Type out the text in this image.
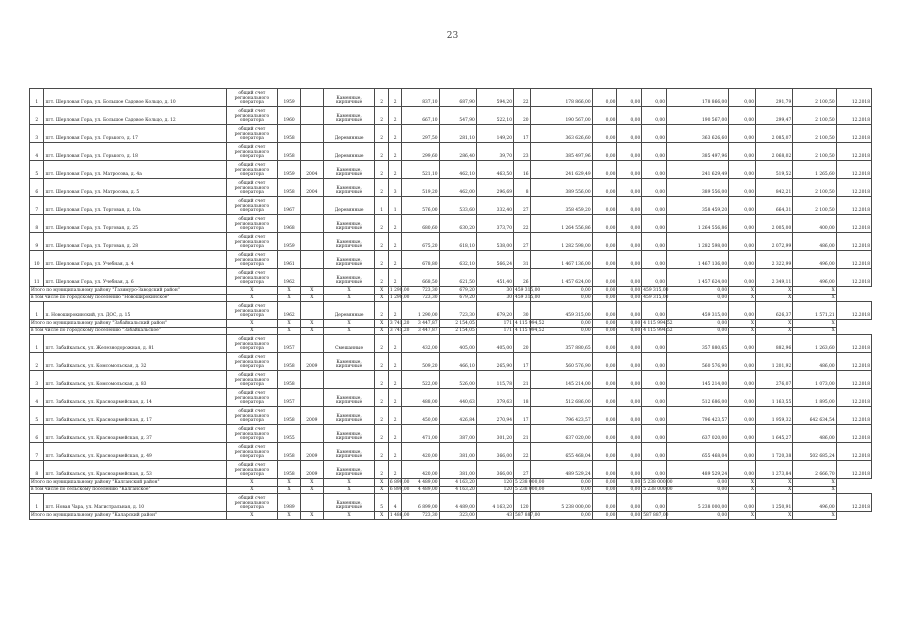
23
1	пгт. Шерловая Гора, ул. Большое Садовое Кольцо, д. 10	общий счет регионального оператора	1959		Каменные, кирпичные	2	2	837,10	687,90	594,20	22	178 866,00	0,00	0,00	0,00	178 866,00	0,00	291,79	2 100,50	12.2018
2	пгт. Шерловая Гора, ул. Большое Садовое Кольцо, д. 12	общий счет регионального оператора	1960		Каменные, кирпичные	2	2	667,10	547,90	522,10	20	190 567,00	0,00	0,00	0,00	190 567,00	0,00	299,47	2 100,50	12.2018
3	пгт. Шерловая Гора, ул. Горького, д. 17	общий счет регионального оператора	1958		Деревянные	2	2	297,50	281,10	149,20	17	363 626,60	0,00	0,00	0,00	363 626,60	0,00	2 085,07	2 100,50	12.2018
4	пгт. Шерловая Гора, ул. Горького, д. 18	общий счет регионального оператора	1958		Деревянные	2	2	299,60	286,40	39,70	23	385 497,96	0,00	0,00	0,00	385 497,96	0,00	2 068,02	2 100,50	12.2018
5	пгт. Шерловая Гора, ул. Матросова, д. 4а	общий счет регионального оператора	1959	2004	Каменные, кирпичные	2	2	521,10	462,10	463,50	16	241 629,49	0,00	0,00	0,00	241 629,49	0,00	519,52	1 265,60	12.2018
6	пгт. Шерловая Гора, ул. Матросова, д. 5	общий счет регионального оператора	1958	2004	Каменные, кирпичные	2	3	519,20	462,00	296,69	8	389 556,00	0,00	0,00	0,00	389 556,00	0,00	842,21	2 100,50	12.2018
7	пгт. Шерловая Гора, ул. Торговая, д. 10а	общий счет регионального оператора	1967		Деревянные	1	1	576,00	533,60	332,40	27	358 459,20	0,00	0,00	0,00	358 459,20	0,00	664,31	2 100,50	12.2018
8	пгт. Шерловая Гора, ул. Торговая, д. 25	общий счет регионального оператора	1968		Каменные, кирпичные	2	2	680,60	630,20	373,70	22	1 264 556,86	0,00	0,00	0,00	1 264 556,86	0,00	2 005,00	400,00	12.2018
9	пгт. Шерловая Гора, ул. Торговая, д. 28	общий счет регионального оператора	1959		Каменные, кирпичные	2	2	675,20	618,10	538,00	27	1 282 598,00	0,00	0,00	0,00	1 282 598,00	0,00	2 072,99	486,00	12.2018
10	пгт. Шерловая Гора, ул. Учебная, д. 4	общий счет регионального оператора	1961		Каменные, кирпичные	2	2	678,80	632,10	566,24	31	1 467 136,00	0,00	0,00	0,00	1 467 136,00	0,00	2 322,99	496,00	12.2018
11	пгт. Шерловая Гора, ул. Учебная, д. 6	общий счет регионального оператора	1962		Каменные, кирпичные	2	2	668,50	621,50	451,40	26	1 457 624,00	0,00	0,00	0,00	1 457 624,00	0,00	2 349,11	496,00	12.2018
Итого по муниципальному району "Газимуро-Заводский район"		X	X	X	X	X	1 290,00	723,30	679,20	30	459 315,00	0,00	0,00	0,00	459 315,00	0,00	X	X	X	
в том числе по городскому поселению "Новоширокинское"		X	X	X	X	X	1 290,00	723,30	679,20	30	459 315,00	0,00	0,00	0,00	459 315,00	0,00	X	X	X	
1	п. Новоширокинский, ул. ДОС, д. 15	общий счет регионального оператора	1962		Деревянные	2	2	1 290,00	723,30	679,20	30	459 315,00	0,00	0,00	0,00	459 315,00	0,00	626,37	1 571,21	12.2018
Итого по муниципальному району "Забайкальский район"		X	X	X	X	X	3 741,20	3 447,87	2 154,05	171	4 115 994,52	0,00	0,00	0,00	4 115 994,52	0,00	X	X	X	
в том числе по городскому поселению "Забайкальское"		X	X	X	X	X	3 741,20	3 447,87	2 154,05	171	4 115 994,52	0,00	0,00	0,00	4 115 994,52	0,00	X	X	X	
1	пгт. Забайкальск, ул. Железнодорожная, д. 81	общий счет регионального оператора	1957		Смешанные	2	2	432,00	405,00	405,00	20	357 880,65	0,00	0,00	0,00	357 880,65	0,00	882,96	1 263,60	12.2018
2	пгт. Забайкальск, ул. Комсомольская, д. 32	общий счет регионального оператора	1958	2009	Каменные, кирпичные	2	2	509,20	466,10	265,90	17	560 576,90	0,00	0,00	0,00	560 576,90	0,00	1 201,92	486,00	12.2018
3	пгт. Забайкальск, ул. Комсомольская, д. 83	общий счет регионального оператора	1958			2	2	522,00	526,00	115,78	21	145 214,00	0,00	0,00	0,00	145 214,00	0,00	276,07	1 073,00	12.2018
4	пгт. Забайкальск, ул. Красноармейская, д. 14	общий счет регионального оператора	1957		Каменные, кирпичные	2	2	488,00	440,63	379,63	18	512 686,00	0,00	0,00	0,00	512 686,00	0,00	1 163,55	1 895,00	12.2018
5	пгт. Забайкальск, ул. Красноармейская, д. 17	общий счет регионального оператора	1958	2009	Каменные, кирпичные	2	2	450,00	426,84	270,94	17	796 423,57	0,00	0,00	0,00	796 423,57	0,00	1 959,32	642 634,54	12.2018
6	пгт. Забайкальск, ул. Красноармейская, д. 37	общий счет регионального оператора	1955		Каменные, кирпичные	2	2	471,00	387,00	301,20	21	637 020,00	0,00	0,00	0,00	637 020,00	0,00	1 645,27	486,00	12.2018
7	пгт. Забайкальск, ул. Красноармейская, д. 49	общий счет регионального оператора	1958	2009	Каменные, кирпичные	2	2	420,00	381,00	366,00	22	655 468,04	0,00	0,00	0,00	655 468,04	0,00	1 720,38	502 685,24	12.2018
8	пгт. Забайкальск, ул. Красноармейская, д. 53	общий счет регионального оператора	1958	2009	Каменные, кирпичные	2	2	420,00	381,00	366,00	27	489 529,24	0,00	0,00	0,00	489 529,24	0,00	1 273,84	2 666,70	12.2018
Итого по муниципальному району "Калганский район"		X	X	X	X	X	6 899,00	4 489,00	4 163,20	120	5 238 000,00	0,00	0,00	0,00	5 238 000,00	0,00	X	X	X	
в том числе по сельскому поселению "Калганское"		X	X	X	X	X	6 899,00	4 489,00	4 163,20	120	5 238 000,00	0,00	0,00	0,00	5 238 000,00	0,00	X	X	X	
1	пгт. Новая Чара, ул. Магистральная, д. 10	общий счет регионального оператора	1989		Каменные, кирпичные	5	4	6 899,00	4 489,00	4 163,20	120	5 238 000,00	0,00	0,00	0,00	5 238 000,00	0,00	1 250,91	496,00	12.2018
Итого по муниципальному району "Каларский район"		X	X	X	X	X	1 486,00	723,30	323,00	43	587 887,00	0,00	0,00	0,00	587 887,00	0,00	X	X	X	
